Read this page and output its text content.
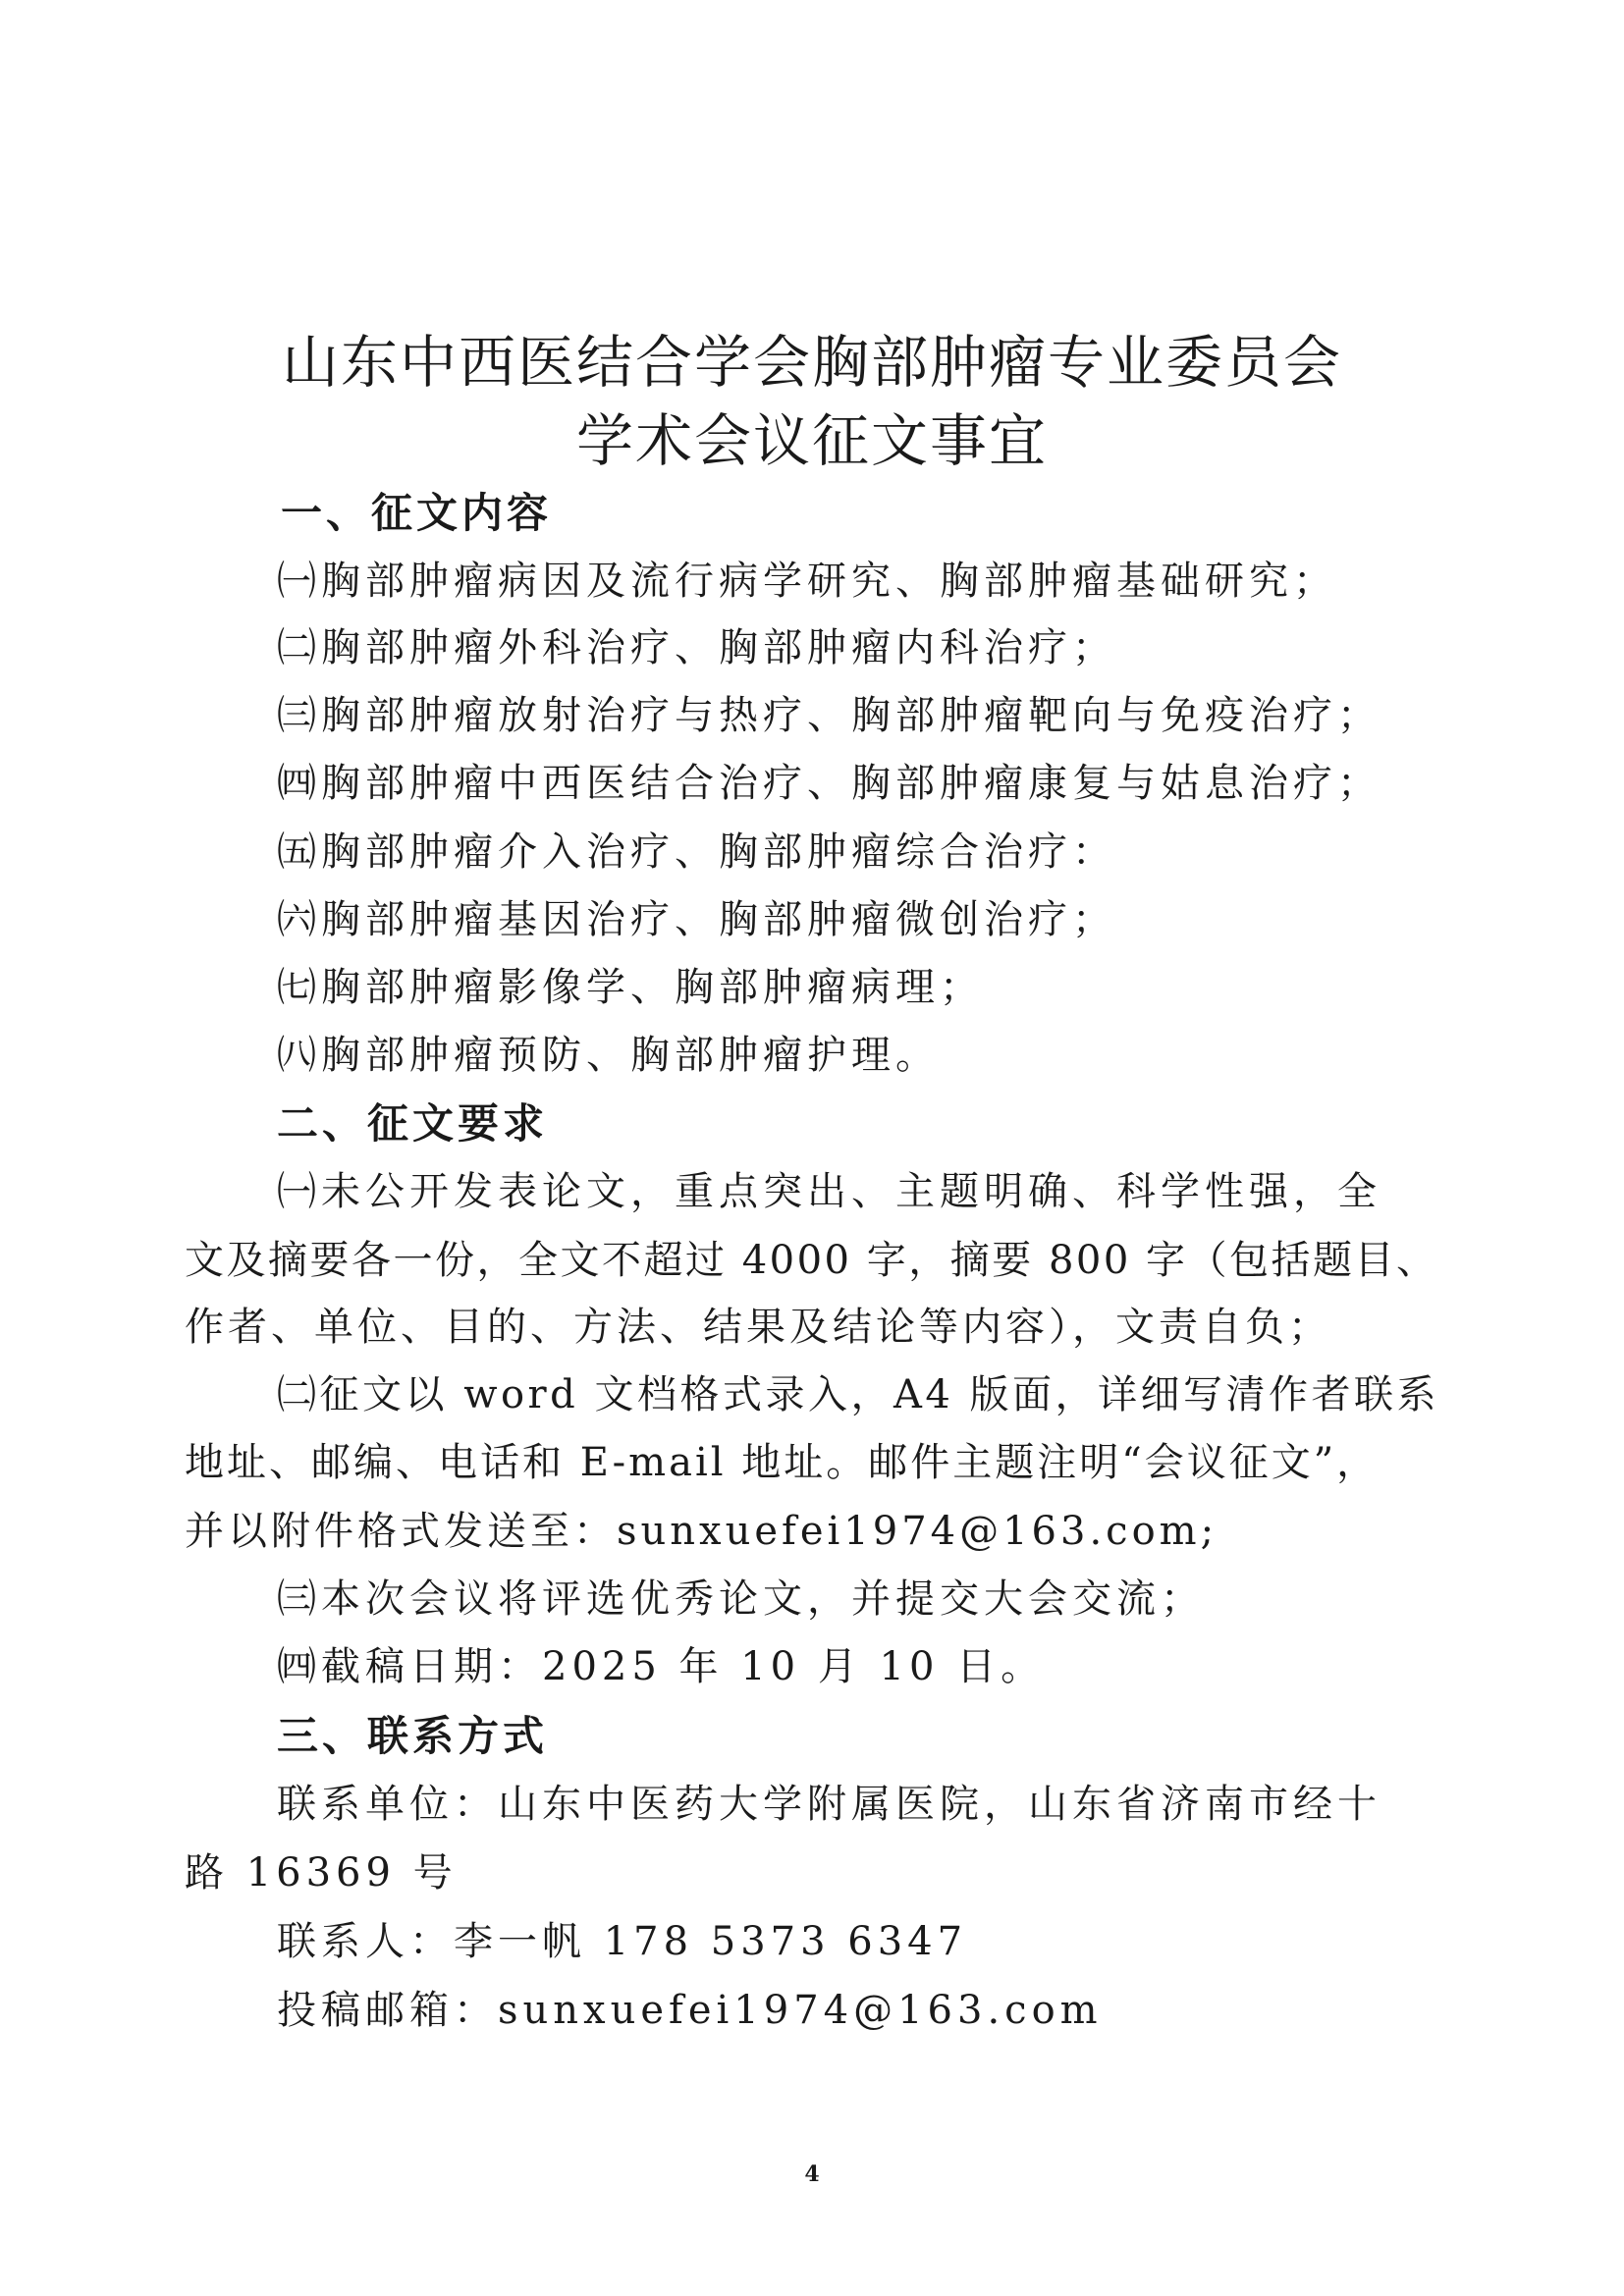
山东中西医结合学会胸部肿瘤专业委员会
学术会议征文事宜
一、征文内容
㈠胸部肿瘤病因及流行病学研究、胸部肿瘤基础研究；
㈡胸部肿瘤外科治疗、胸部肿瘤内科治疗；
㈢胸部肿瘤放射治疗与热疗、胸部肿瘤靶向与免疫治疗；
㈣胸部肿瘤中西医结合治疗、胸部肿瘤康复与姑息治疗；
㈤胸部肿瘤介入治疗、胸部肿瘤综合治疗：
㈥胸部肿瘤基因治疗、胸部肿瘤微创治疗；
㈦胸部肿瘤影像学、胸部肿瘤病理；
㈧胸部肿瘤预防、胸部肿瘤护理。
二、征文要求
㈠未公开发表论文，重点突出、主题明确、科学性强，全
文及摘要各一份，全文不超过 4000 字，摘要 800 字（包括题目、
作者、单位、目的、方法、结果及结论等内容），文责自负；
㈡征文以 word 文档格式录入，A4 版面，详细写清作者联系
地址、邮编、电话和 E-mail 地址。邮件主题注明“会议征文”，
并以附件格式发送至：sunxuefei1974@163.com;
㈢本次会议将评选优秀论文，并提交大会交流；
㈣截稿日期：2025 年 10 月 10 日。
三、联系方式
联系单位：山东中医药大学附属医院，山东省济南市经十
路 16369 号
联系人：李一帆 178 5373 6347
投稿邮箱：sunxuefei1974@163.com
4
